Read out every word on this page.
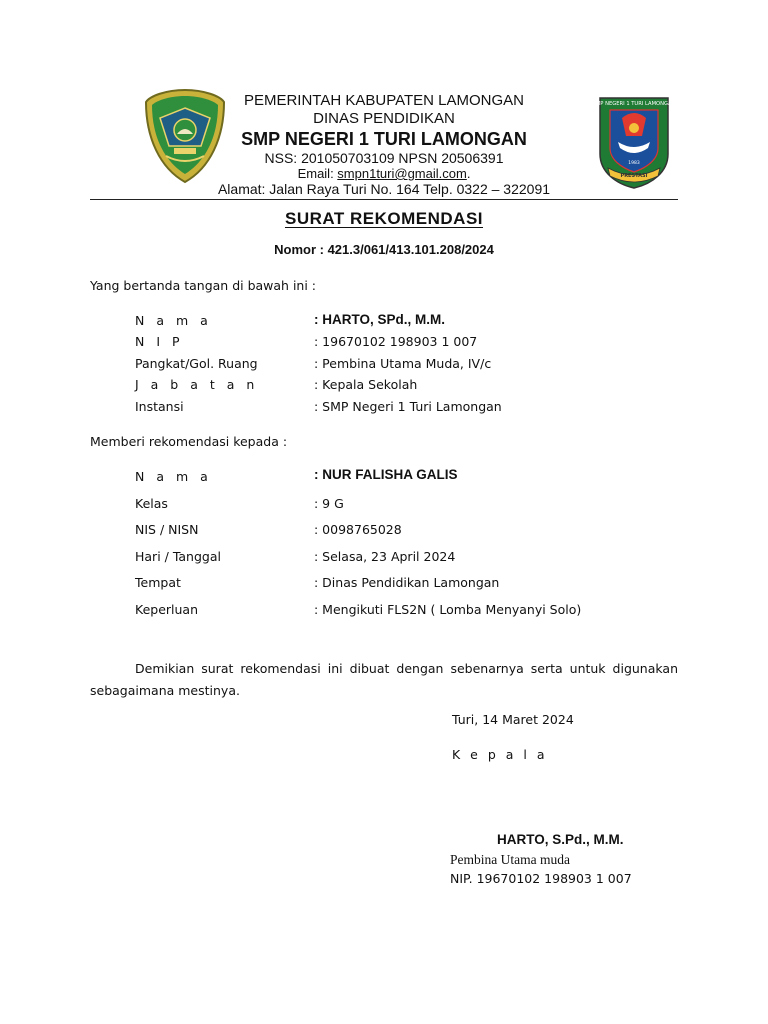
SMP NEGERI 1 TURI LAMONGAN
1983
PRESTASI
PEMERINTAH KABUPATEN LAMONGAN
DINAS PENDIDIKAN
SMP NEGERI 1 TURI LAMONGAN
NSS: 201050703109 NPSN 20506391
Email: smpn1turi@gmail.com.
Alamat: Jalan Raya Turi No. 164 Telp. 0322 – 322091
SURAT REKOMENDASI
Nomor : 421.3/061/413.101.208/2024
Yang bertanda tangan di bawah ini :
N a m a	: HARTO, SPd., M.M.
N I P	: 19670102 198903 1 007
Pangkat/Gol. Ruang	: Pembina Utama Muda, IV/c
J a b a t a n	: Kepala Sekolah
Instansi	: SMP Negeri 1 Turi Lamongan
Memberi rekomendasi kepada :
N a m a	: NUR FALISHA GALIS
Kelas	: 9 G
NIS / NISN	: 0098765028
Hari / Tanggal	: Selasa, 23 April 2024
Tempat	: Dinas Pendidikan Lamongan
Keperluan	: Mengikuti FLS2N ( Lomba Menyanyi Solo)
Demikian surat rekomendasi ini dibuat dengan sebenarnya serta untuk digunakan
sebagaimana mestinya.
Turi, 14 Maret 2024
K e p a l a
HARTO, S.Pd., M.M.
Pembina Utama muda
NIP. 19670102 198903 1 007
